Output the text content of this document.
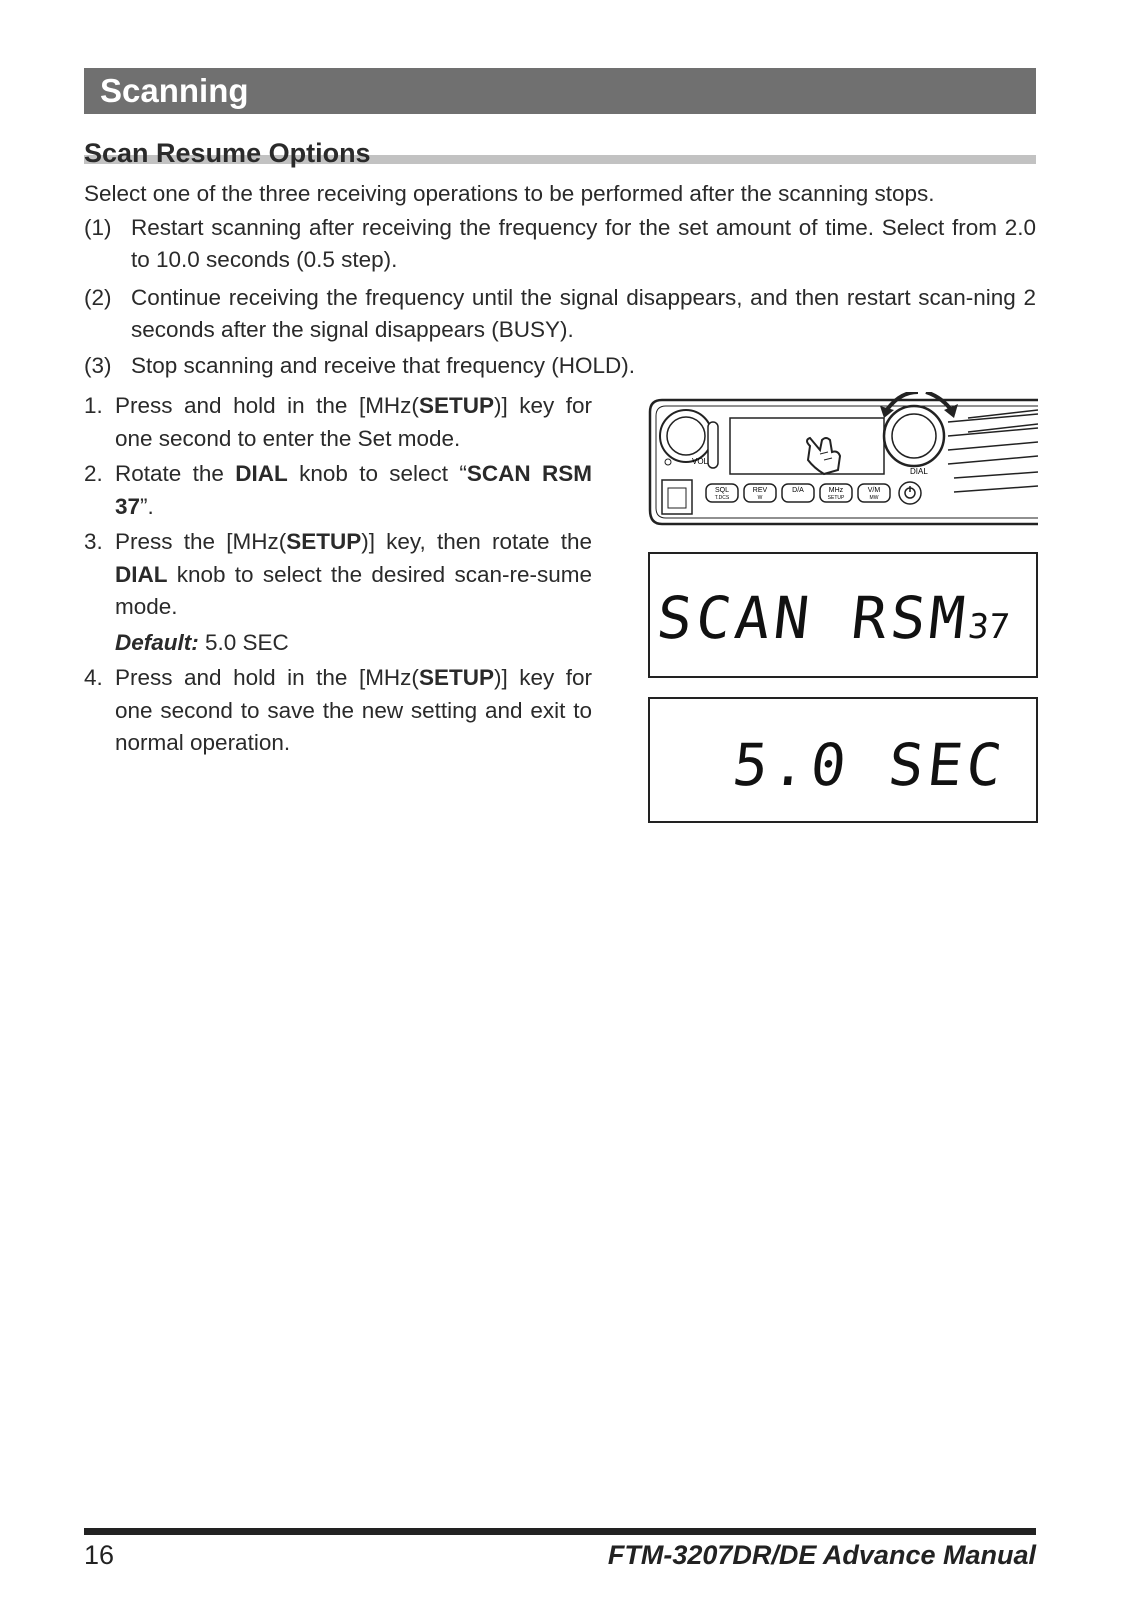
Scanning
Scan Resume Options
Select one of the three receiving operations to be performed after the scanning stops.
(1) Restart scanning after receiving the frequency for the set amount of time. Select from 2.0 to 10.0 seconds (0.5 step).
(2) Continue receiving the frequency until the signal disappears, and then restart scan-ning 2 seconds after the signal disappears (BUSY).
(3) Stop scanning and receive that frequency (HOLD).
1. Press and hold in the [MHz(SETUP)] key for one second to enter the Set mode.
2. Rotate the DIAL knob to select “SCAN RSM 37”.
3. Press the [MHz(SETUP)] key, then rotate the DIAL knob to select the desired scan-re-sume mode.
Default: 5.0 SEC
4. Press and hold in the [MHz(SETUP)] key for one second to save the new setting and exit to normal operation.
VOL
DIAL
SQL
T.DCS
REV
W
D/A	MHz
SETUP
V/M
MW
SCAN RSM
37
5.0 SEC
16	FTM-3207DR/DE Advance Manual
